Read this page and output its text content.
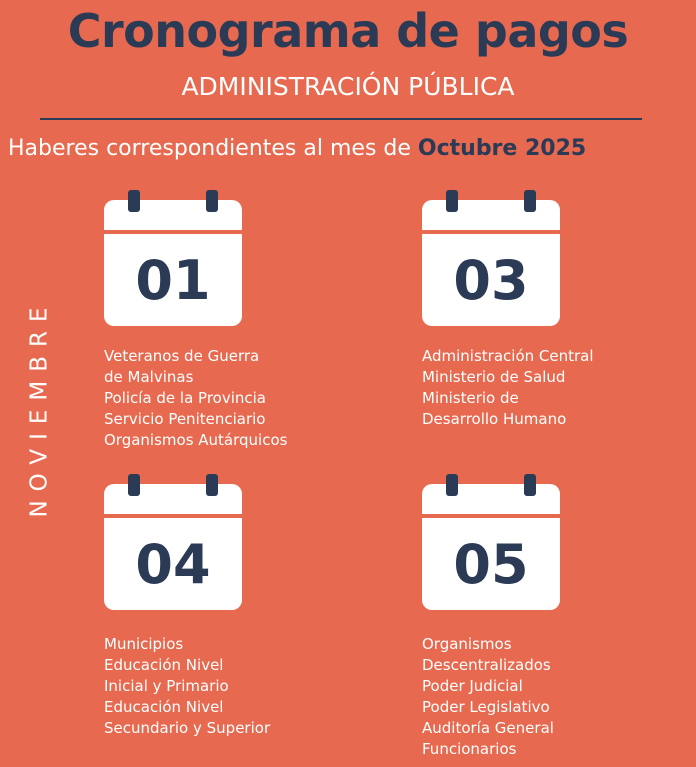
Cronograma de pagos
ADMINISTRACIÓN PÚBLICA
Haberes correspondientes al mes de Octubre 2025
NOVIEMBRE
01
Veteranos de Guerra
de Malvinas
Policía de la Provincia
Servicio Penitenciario
Organismos Autárquicos
03
Administración Central
Ministerio de Salud
Ministerio de
Desarrollo Humano
04
Municipios
Educación Nivel
Inicial y Primario
Educación Nivel
Secundario y Superior
05
Organismos
Descentralizados
Poder Judicial
Poder Legislativo
Auditoría General
Funcionarios
